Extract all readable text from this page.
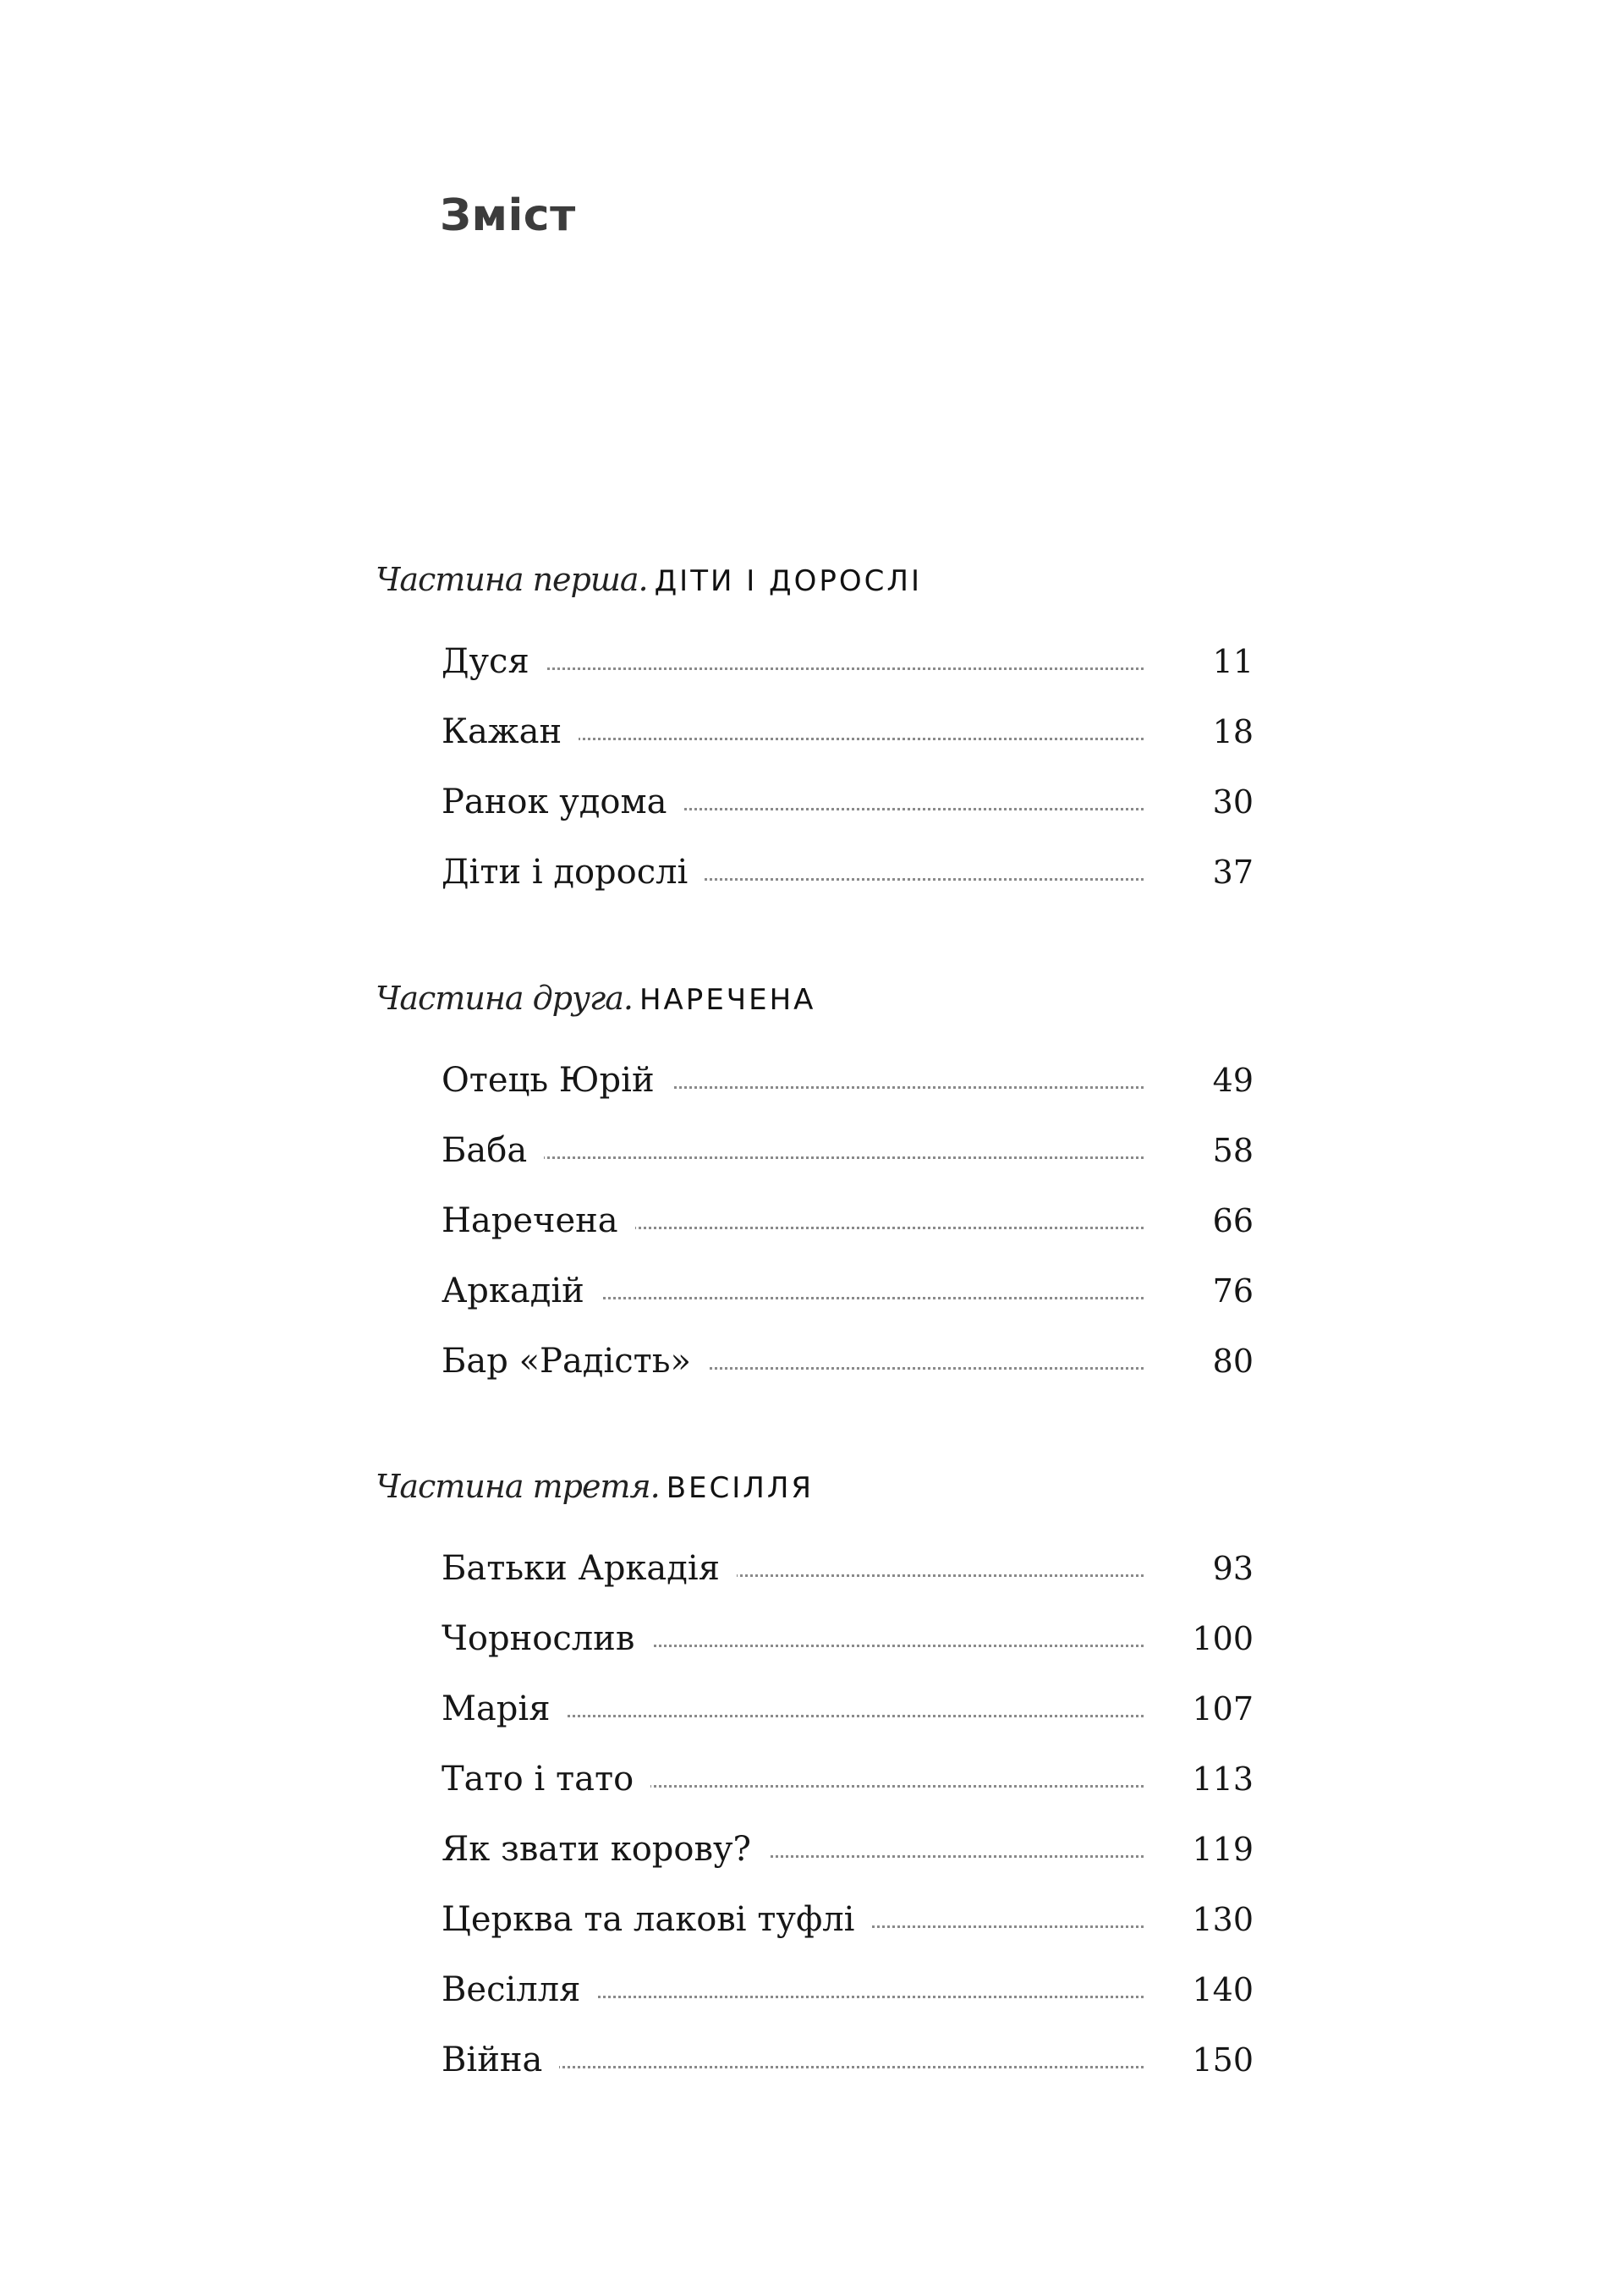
Зміст
Частина перша. ДІТИ І ДОРОСЛІ
Дуся	11
Кажан	18
Ранок удома	30
Діти і дорослі	37
Частина друга. НАРЕЧЕНА
Отець Юрій	49
Баба	58
Наречена	66
Аркадій	76
Бар «Радість»	80
Частина третя. ВЕСІЛЛЯ
Батьки Аркадія	93
Чорнослив	100
Марія	107
Тато і тато	113
Як звати корову?	119
Церква та лакові туфлі	130
Весілля	140
Війна	150
